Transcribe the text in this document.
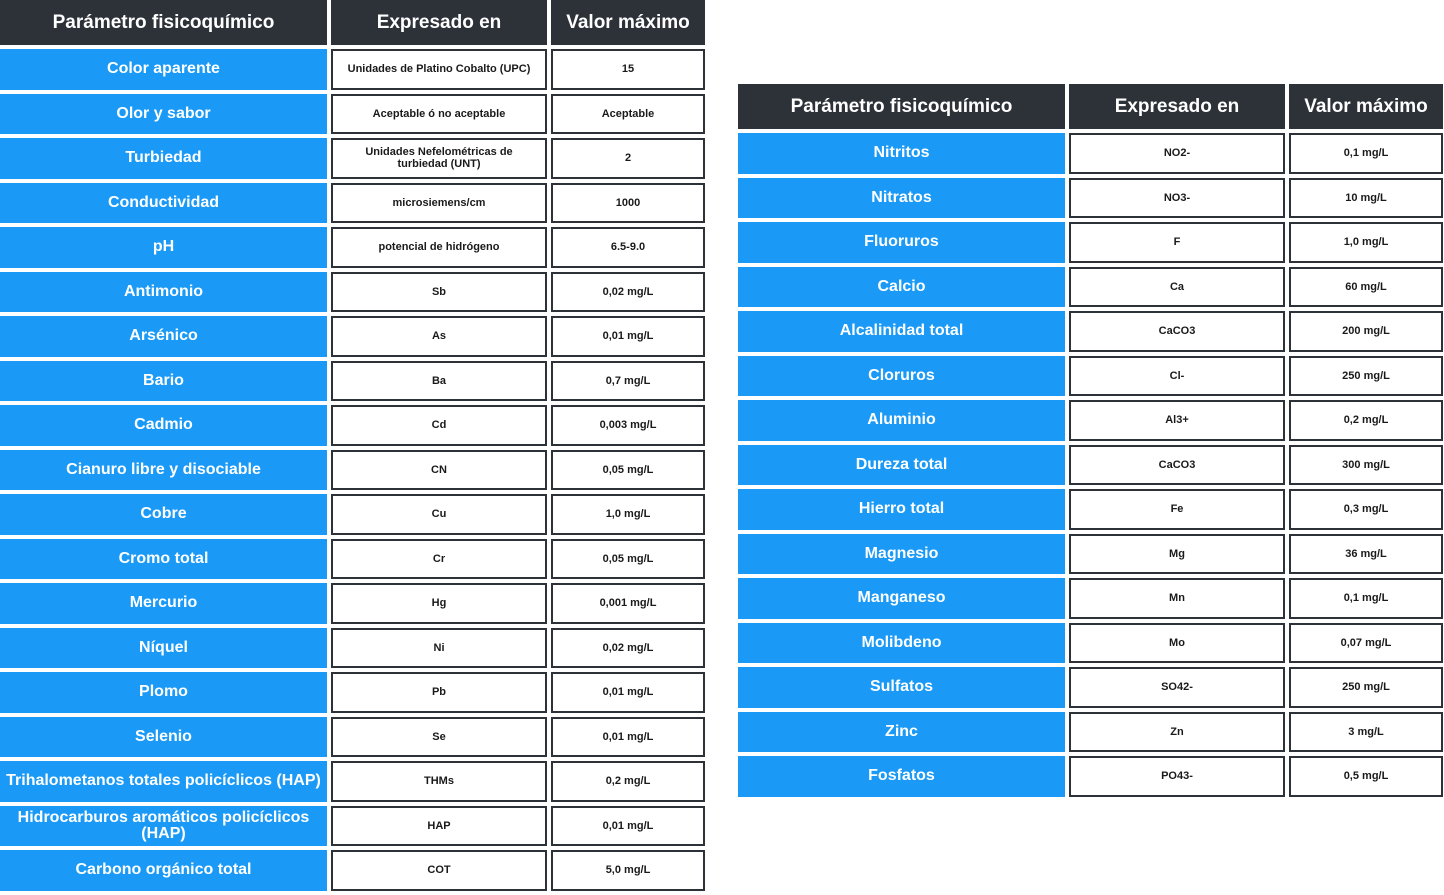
Parámetro fisicoquímico	Expresado en	Valor máximo
Color aparente	Unidades de Platino Cobalto (UPC)	15
Olor y sabor	Aceptable ó no aceptable	Aceptable
Turbiedad	Unidades Nefelométricas de turbiedad (UNT)	2
Conductividad	microsiemens/cm	1000
pH	potencial de hidrógeno	6.5-9.0
Antimonio	Sb	0,02 mg/L
Arsénico	As	0,01 mg/L
Bario	Ba	0,7 mg/L
Cadmio	Cd	0,003 mg/L
Cianuro libre y disociable	CN	0,05 mg/L
Cobre	Cu	1,0 mg/L
Cromo total	Cr	0,05 mg/L
Mercurio	Hg	0,001 mg/L
Níquel	Ni	0,02 mg/L
Plomo	Pb	0,01 mg/L
Selenio	Se	0,01 mg/L
Trihalometanos totales policíclicos (HAP)	THMs	0,2 mg/L
Hidrocarburos aromáticos policíclicos (HAP)	HAP	0,01 mg/L
Carbono orgánico total	COT	5,0 mg/L
Parámetro fisicoquímico	Expresado en	Valor máximo
Nitritos	NO2-	0,1 mg/L
Nitratos	NO3-	10 mg/L
Fluoruros	F	1,0 mg/L
Calcio	Ca	60 mg/L
Alcalinidad total	CaCO3	200 mg/L
Cloruros	Cl-	250 mg/L
Aluminio	Al3+	0,2 mg/L
Dureza total	CaCO3	300 mg/L
Hierro total	Fe	0,3 mg/L
Magnesio	Mg	36 mg/L
Manganeso	Mn	0,1 mg/L
Molibdeno	Mo	0,07 mg/L
Sulfatos	SO42-	250 mg/L
Zinc	Zn	3 mg/L
Fosfatos	PO43-	0,5 mg/L
